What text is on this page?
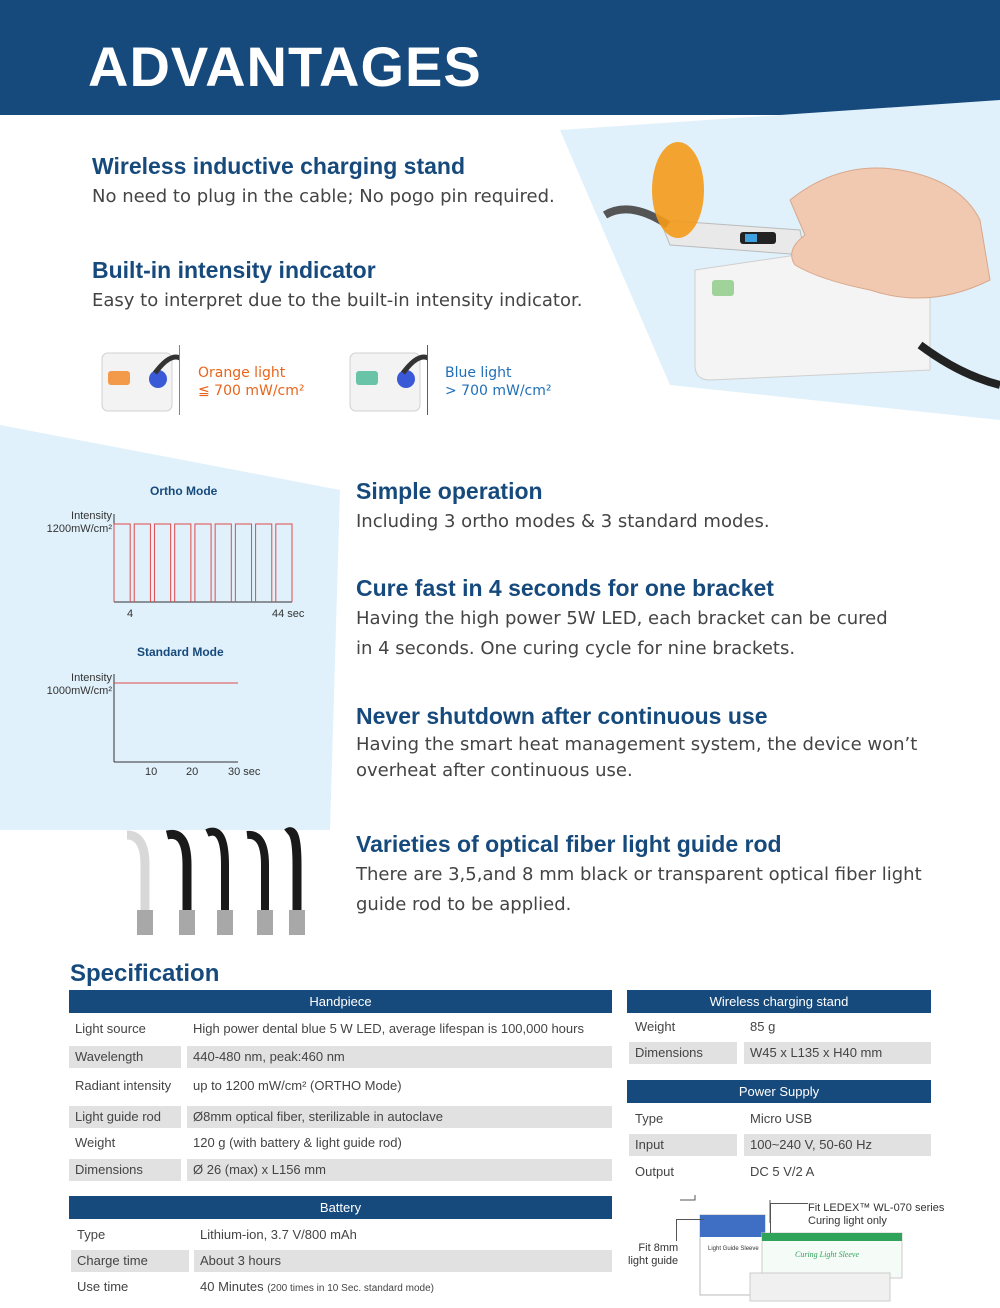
ADVANTAGES
Wireless inductive charging stand
No need to plug in the cable; No pogo pin required.
Built-in intensity indicator
Easy to interpret due to the built-in intensity indicator.
Orange light
≦ 700 mW/cm²
Blue light
> 700 mW/cm²
Ortho Mode
Intensity
1200mW/cm²
4	44 sec
Standard Mode
Intensity
1000mW/cm²
10	20	30 sec
Simple operation
Including 3 ortho modes & 3 standard modes.
Cure fast in 4 seconds for one bracket
Having the high power 5W LED, each bracket can be cured
in 4 seconds. One curing cycle for nine brackets.
Never shutdown after continuous use
Having the smart heat management system, the device won’t
overheat after continuous use.
Varieties of optical fiber light guide rod
There are 3,5,and 8 mm black or transparent optical fiber light
guide rod to be applied.
Specification
Handpiece
Light source	High power dental blue 5 W LED, average lifespan is 100,000 hours
Wavelength	440-480 nm, peak:460 nm
Radiant intensity	up to 1200 mW/cm² (ORTHO Mode)
Light guide rod	Ø8mm optical fiber, sterilizable in autoclave
Weight	120 g (with battery & light guide rod)
Dimensions	Ø 26 (max) x L156 mm
Battery
Type	Lithium-ion, 3.7 V/800 mAh
Charge time	About 3 hours
Use time	40 Minutes (200 times in 10 Sec. standard mode)
Wireless charging stand
Weight	85 g
Dimensions	W45 x L135 x H40 mm
Power Supply
Type	Micro USB
Input	100~240 V, 50-60 Hz
Output	DC 5 V/2 A
Light Guide Sleeve
Curing Light Sleeve
Fit LEDEX™ WL-070 series
Curing light only
Fit 8mm
light guide
